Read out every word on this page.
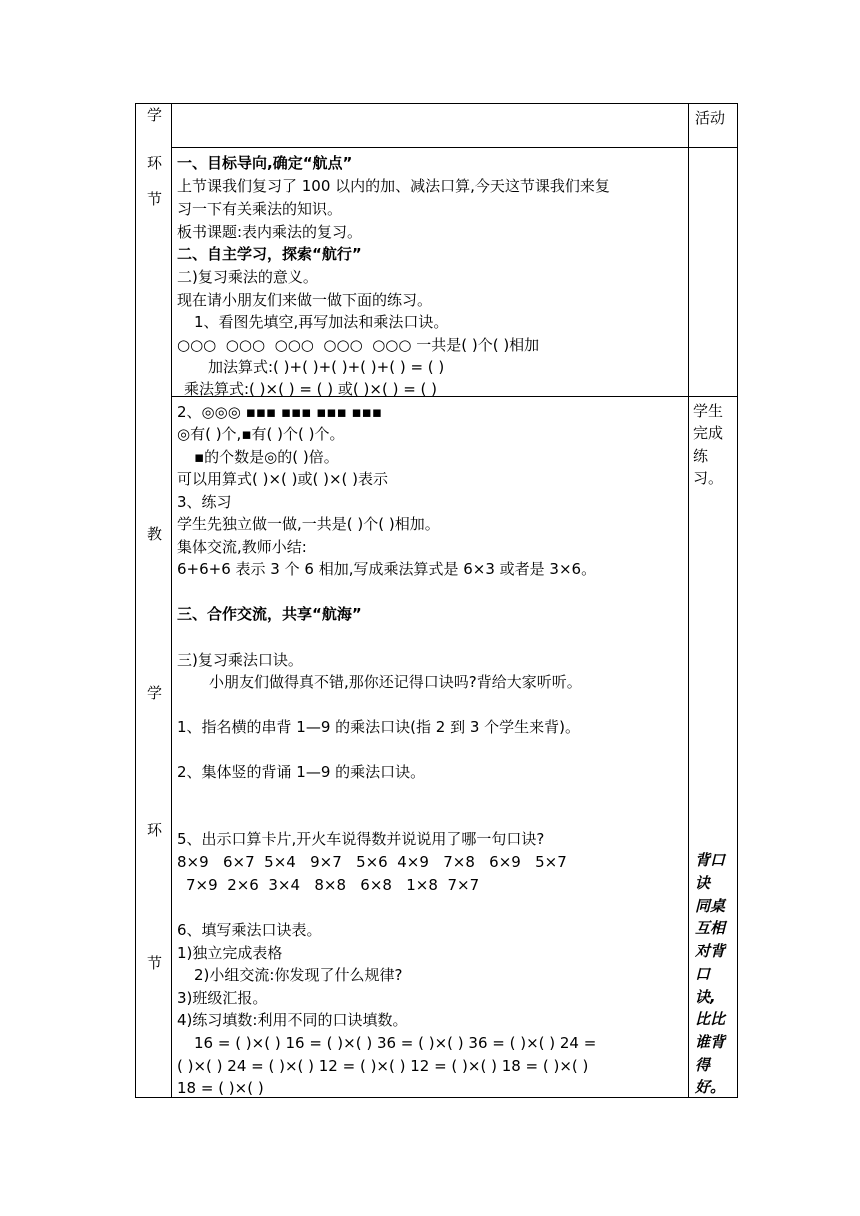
学
环
节
教
学
环
节
活动
学生
完成
练
习。
背口
诀
同桌
互相
对背
口
诀,
比比
谁背
得
好。
一、目标导向,确定“航点”
上节课我们复习了 100 以内的加、减法口算,今天这节课我们来复
习一下有关乘法的知识。
板书课题:表内乘法的复习。
二、自主学习，探索“航行”
二)复习乘法的意义。
现在请小朋友们来做一做下面的练习。
1、看图先填空,再写加法和乘法口诀。
○○○  ○○○  ○○○  ○○○  ○○○ 一共是( )个( )相加
加法算式:( )+( )+( )+( )+( ) = ( )
乘法算式:( )×( ) = ( ) 或( )×( ) = ( )
2、◎◎◎ ▪▪▪ ▪▪▪ ▪▪▪ ▪▪▪
◎有( )个,▪有( )个( )个。
▪的个数是◎的( )倍。
可以用算式( )×( )或( )×( )表示
3、练习
学生先独立做一做,一共是( )个( )相加。
集体交流,教师小结:
6+6+6 表示 3 个 6 相加,写成乘法算式是 6×3 或者是 3×6。
三、合作交流，共享“航海”
三)复习乘法口诀。
小朋友们做得真不错,那你还记得口诀吗?背给大家听听。
1、指名横的串背 1—9 的乘法口诀(指 2 到 3 个学生来背)。
2、集体竖的背诵 1—9 的乘法口诀。
5、出示口算卡片,开火车说得数并说说用了哪一句口诀?
8×9   6×7  5×4   9×7   5×6  4×9   7×8   6×9   5×7
7×9  2×6  3×4   8×8   6×8   1×8  7×7
6、填写乘法口诀表。
1)独立完成表格
2)小组交流:你发现了什么规律?
3)班级汇报。
4)练习填数:利用不同的口诀填数。
16 = ( )×( ) 16 = ( )×( ) 36 = ( )×( ) 36 = ( )×( ) 24 =
( )×( ) 24 = ( )×( ) 12 = ( )×( ) 12 = ( )×( ) 18 = ( )×( )
18 = ( )×( )
